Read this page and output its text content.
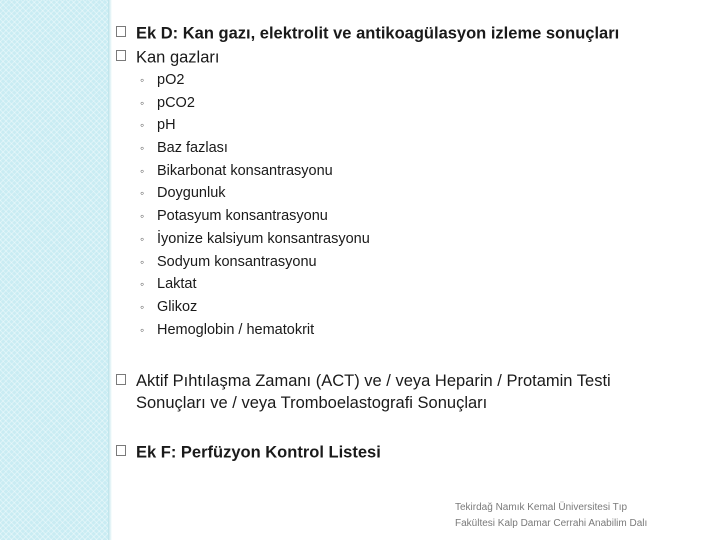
Ek D: Kan gazı, elektrolit ve antikoagülasyon izleme sonuçları
Kan gazları
◦ pO2
◦ pCO2
◦ pH
◦ Baz fazlası
◦ Bikarbonat konsantrasyonu
◦ Doygunluk
◦ Potasyum konsantrasyonu
◦ İyonize kalsiyum konsantrasyonu
◦ Sodyum konsantrasyonu
◦ Laktat
◦ Glikoz
◦ Hemoglobin / hematokrit
Aktif Pıhtılaşma Zamanı (ACT) ve / veya Heparin / Protamin Testi
Sonuçları ve / veya Tromboelastografi Sonuçları
Ek F: Perfüzyon Kontrol Listesi
Tekirdağ Namık Kemal Üniversitesi Tıp
Fakültesi Kalp Damar Cerrahi Anabilim Dalı
